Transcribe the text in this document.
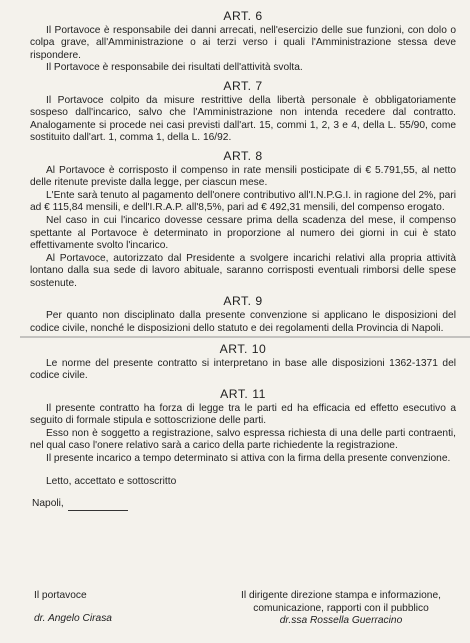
ART. 6

Il Portavoce è responsabile dei danni arrecati, nell'esercizio delle sue funzioni, con dolo o colpa grave, all'Amministrazione o ai terzi verso i quali l'Amministrazione stessa deve rispondere.

Il Portavoce è responsabile dei risultati dell'attività svolta.

ART. 7

Il Portavoce colpito da misure restrittive della libertà personale è obbligatoriamente sospeso dall'incarico, salvo che l'Amministrazione non intenda recedere dal contratto. Analogamente si procede nei casi previsti dall'art. 15, commi 1, 2, 3 e 4, della L. 55/90, come sostituito dall'art. 1, comma 1, della L. 16/92.

ART. 8

Al Portavoce è corrisposto il compenso in rate mensili posticipate di € 5.791,55, al netto delle ritenute previste dalla legge, per ciascun mese.

L'Ente sarà tenuto al pagamento dell'onere contributivo all'I.N.P.G.I. in ragione del 2%, pari ad € 115,84 mensili, e dell'I.R.A.P. all'8,5%, pari ad € 492,31 mensili, del compenso erogato.

Nel caso in cui l'incarico dovesse cessare prima della scadenza del mese, il compenso spettante al Portavoce è determinato in proporzione al numero dei giorni in cui è stato effettivamente svolto l'incarico.

Al Portavoce, autorizzato dal Presidente a svolgere incarichi relativi alla propria attività lontano dalla sua sede di lavoro abituale, saranno corrisposti eventuali rimborsi delle spese sostenute.

ART. 9

Per quanto non disciplinato dalla presente convenzione si applicano le disposizioni del codice civile, nonché le disposizioni dello statuto e dei regolamenti della Provincia di Napoli.

ART. 10

Le norme del presente contratto si interpretano in base alle disposizioni 1362-1371 del codice civile.

ART. 11

Il presente contratto ha forza di legge tra le parti ed ha efficacia ed effetto esecutivo a seguito di formale stipula e sottoscrizione delle parti.

Esso non è soggetto a registrazione, salvo espressa richiesta di una delle parti contraenti, nel qual caso l'onere relativo sarà a carico della parte richiedente la registrazione.

Il presente incarico a tempo determinato si attiva con la firma della presente convenzione.

Letto, accettato e sottoscritto

Napoli,
Il portavoce
dr. Angelo Cirasa
Il dirigente direzione stampa e informazione,
comunicazione, rapporti con il pubblico
dr.ssa Rossella Guerracino
